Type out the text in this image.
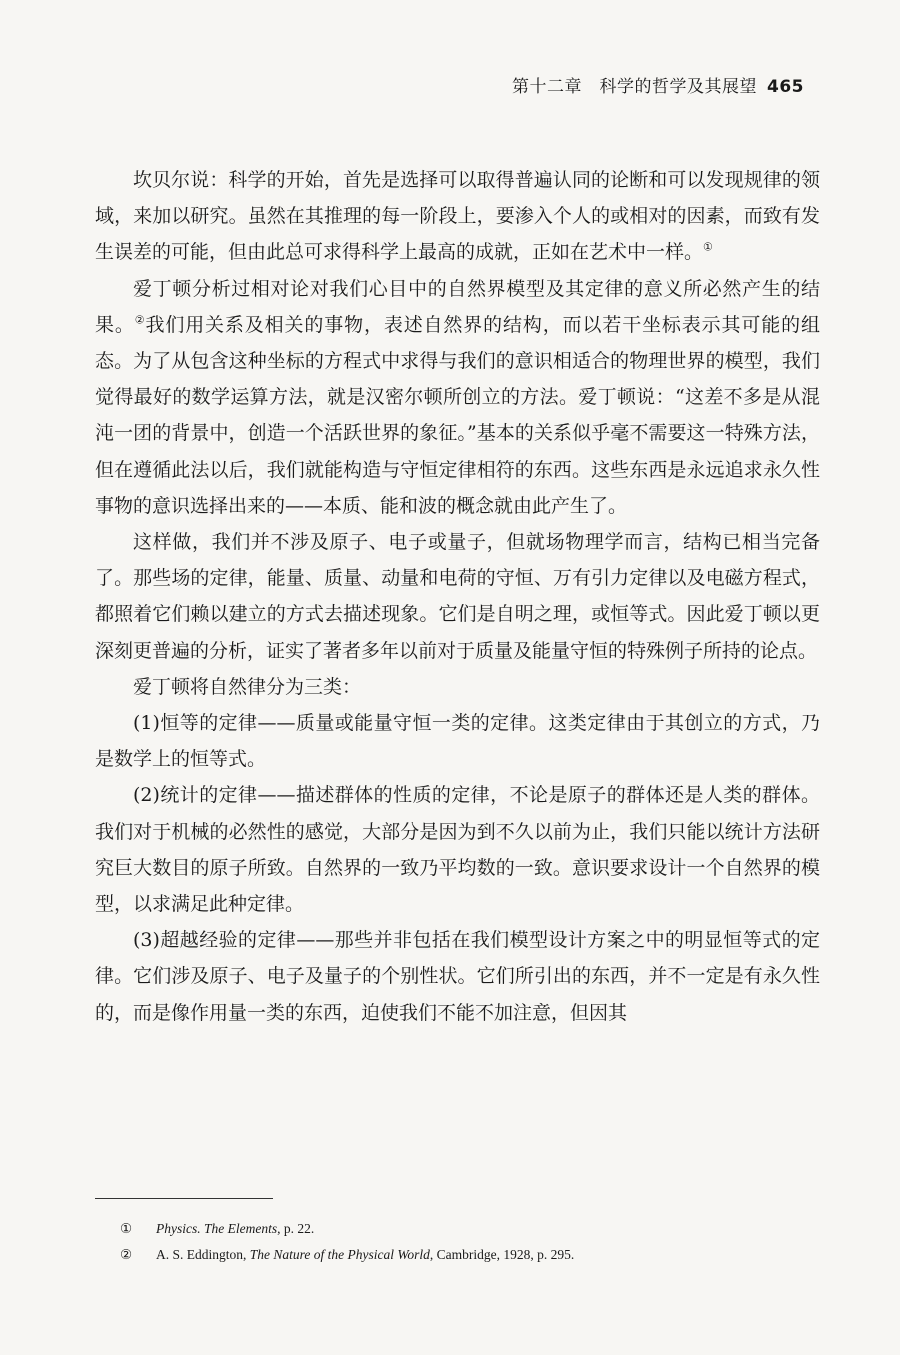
第十二章　科学的哲学及其展望 465

坎贝尔说：科学的开始，首先是选择可以取得普遍认同的论断和可以发现规律的领域，来加以研究。虽然在其推理的每一阶段上，要渗入个人的或相对的因素，而致有发生误差的可能，但由此总可求得科学上最高的成就，正如在艺术中一样。①

爱丁顿分析过相对论对我们心目中的自然界模型及其定律的意义所必然产生的结果。②我们用关系及相关的事物，表述自然界的结构，而以若干坐标表示其可能的组态。为了从包含这种坐标的方程式中求得与我们的意识相适合的物理世界的模型，我们觉得最好的数学运算方法，就是汉密尔顿所创立的方法。爱丁顿说：“这差不多是从混沌一团的背景中，创造一个活跃世界的象征。”基本的关系似乎毫不需要这一特殊方法，但在遵循此法以后，我们就能构造与守恒定律相符的东西。这些东西是永远追求永久性事物的意识选择出来的——本质、能和波的概念就由此产生了。

这样做，我们并不涉及原子、电子或量子，但就场物理学而言，结构已相当完备了。那些场的定律，能量、质量、动量和电荷的守恒、万有引力定律以及电磁方程式，都照着它们赖以建立的方式去描述现象。它们是自明之理，或恒等式。因此爱丁顿以更深刻更普遍的分析，证实了著者多年以前对于质量及能量守恒的特殊例子所持的论点。

爱丁顿将自然律分为三类：

(1)恒等的定律——质量或能量守恒一类的定律。这类定律由于其创立的方式，乃是数学上的恒等式。

(2)统计的定律——描述群体的性质的定律，不论是原子的群体还是人类的群体。我们对于机械的必然性的感觉，大部分是因为到不久以前为止，我们只能以统计方法研究巨大数目的原子所致。自然界的一致乃平均数的一致。意识要求设计一个自然界的模型，以求满足此种定律。

(3)超越经验的定律——那些并非包括在我们模型设计方案之中的明显恒等式的定律。它们涉及原子、电子及量子的个别性状。它们所引出的东西，并不一定是有永久性的，而是像作用量一类的东西，迫使我们不能不加注意，但因其

①	Physics. The Elements, p. 22.
②	A. S. Eddington, The Nature of the Physical World, Cambridge, 1928, p. 295.
